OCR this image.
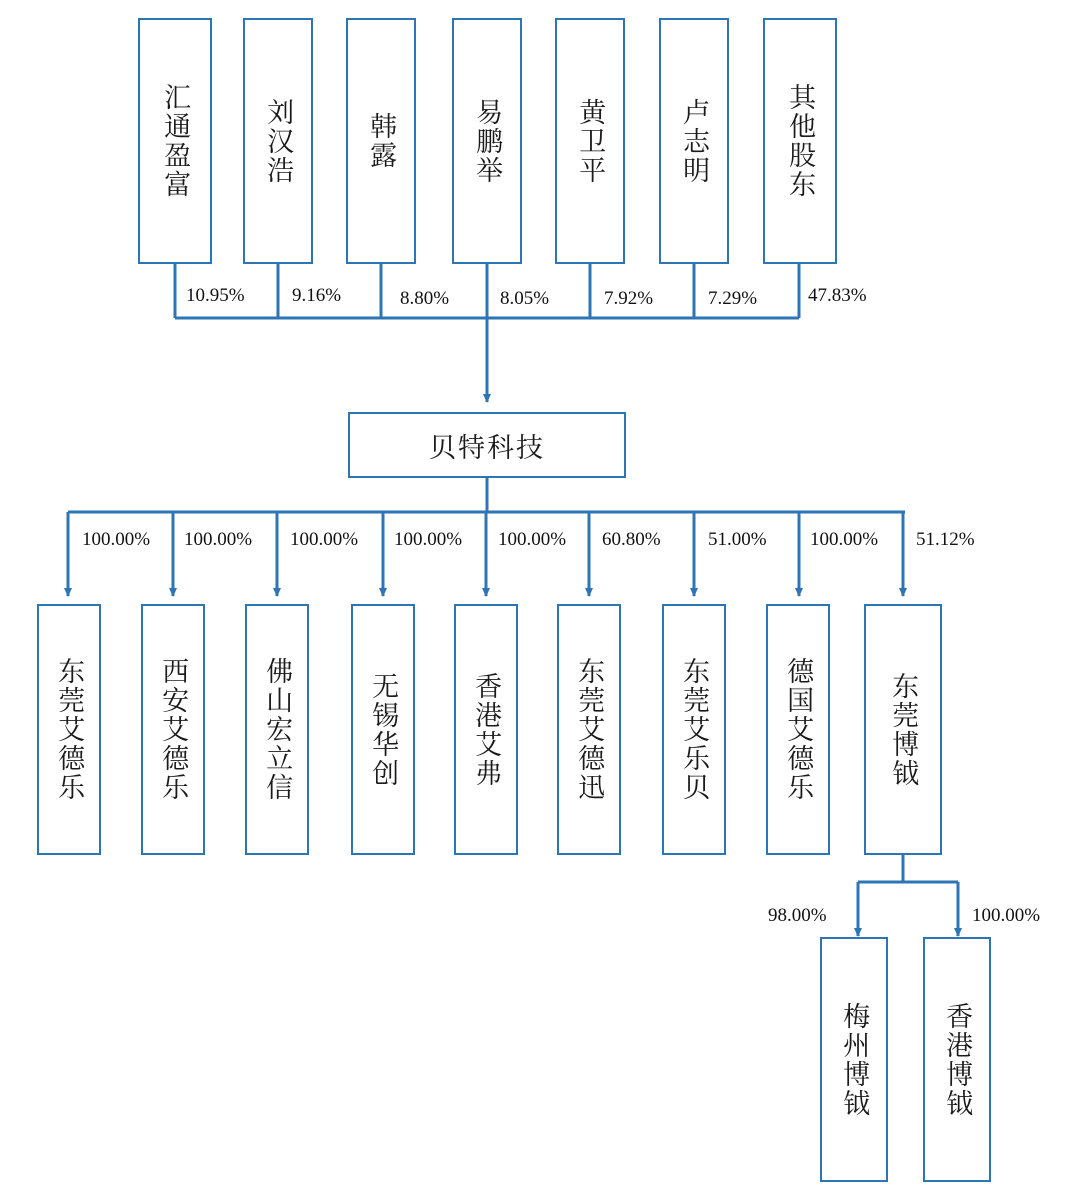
汇通盈富	刘汉浩	韩露	易鹏举	黄卫平	卢志明	其他股东
10.95% 9.16%	8.80%	8.05%	7.92%	7.29%	47.83%
贝特科技
100.00% 100.00% 100.00% 100.00% 100.00% 60.80% 51.00% 100.00% 51.12%
东莞艾德乐	西安艾德乐	佛山宏立信	无锡华创	香港艾弗	东莞艾德迅	东莞艾乐贝	德国艾德乐	东莞博钺
98.00%	100.00%
梅州博钺	香港博钺
